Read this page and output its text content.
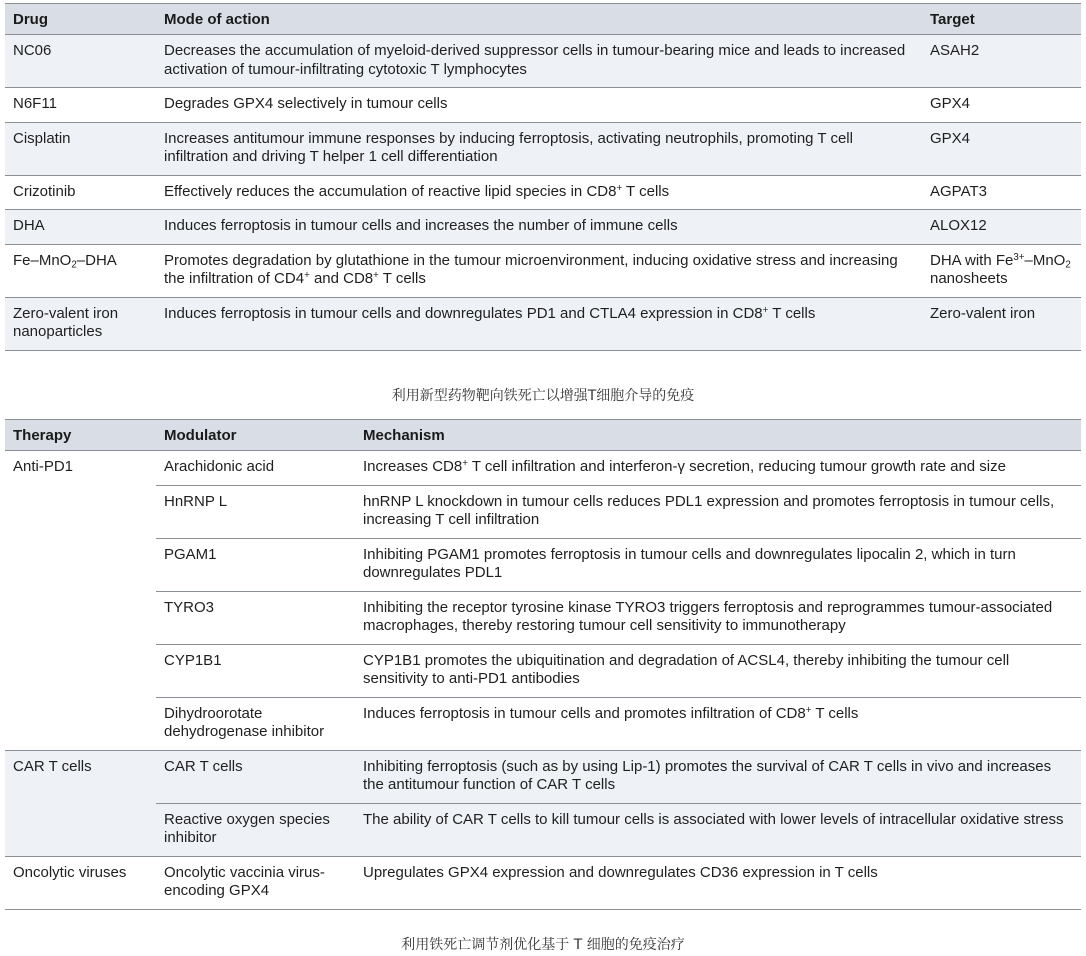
Drug	Mode of action	Target
NC06	Decreases the accumulation of myeloid-derived suppressor cells in tumour-bearing mice and leads to increased activation of tumour-infiltrating cytotoxic T lymphocytes	ASAH2
N6F11	Degrades GPX4 selectively in tumour cells	GPX4
Cisplatin	Increases antitumour immune responses by inducing ferroptosis, activating neutrophils, promoting T cell infiltration and driving T helper 1 cell differentiation	GPX4
Crizotinib	Effectively reduces the accumulation of reactive lipid species in CD8+ T cells	AGPAT3
DHA	Induces ferroptosis in tumour cells and increases the number of immune cells	ALOX12
Fe–MnO$_2$–DHA	Promotes degradation by glutathione in the tumour microenvironment, inducing oxidative stress and increasing the infiltration of CD4+ and CD8+ T cells	DHA with $Fe^{3+}-MnO_2$ nanosheets
Zero-valent iron nanoparticles	Induces ferroptosis in tumour cells and downregulates PD1 and CTLA4 expression in CD8+ T cells	Zero-valent iron
利用新型药物靶向铁死亡以增强T细胞介导的免疫
Therapy	Modulator	Mechanism
Anti-PD1	Arachidonic acid	Increases CD8+ T cell infiltration and interferon-γ secretion, reducing tumour growth rate and size
	HnRNP L	hnRNP L knockdown in tumour cells reduces PDL1 expression and promotes ferroptosis in tumour cells, increasing T cell infiltration
	PGAM1	Inhibiting PGAM1 promotes ferroptosis in tumour cells and downregulates lipocalin 2, which in turn downregulates PDL1
	TYRO3	Inhibiting the receptor tyrosine kinase TYRO3 triggers ferroptosis and reprogrammes tumour-associated macrophages, thereby restoring tumour cell sensitivity to immunotherapy
	CYP1B1	CYP1B1 promotes the ubiquitination and degradation of ACSL4, thereby inhibiting the tumour cell sensitivity to anti-PD1 antibodies
	Dihydroorotate dehydrogenase inhibitor	Induces ferroptosis in tumour cells and promotes infiltration of CD8+ T cells
CAR T cells	CAR T cells	Inhibiting ferroptosis (such as by using Lip-1) promotes the survival of CAR T cells in vivo and increases the antitumour function of CAR T cells
	Reactive oxygen species inhibitor	The ability of CAR T cells to kill tumour cells is associated with lower levels of intracellular oxidative stress
Oncolytic viruses	Oncolytic vaccinia virus-encoding GPX4	Upregulates GPX4 expression and downregulates CD36 expression in T cells
利用铁死亡调节剂优化基于 T 细胞的免疫治疗
